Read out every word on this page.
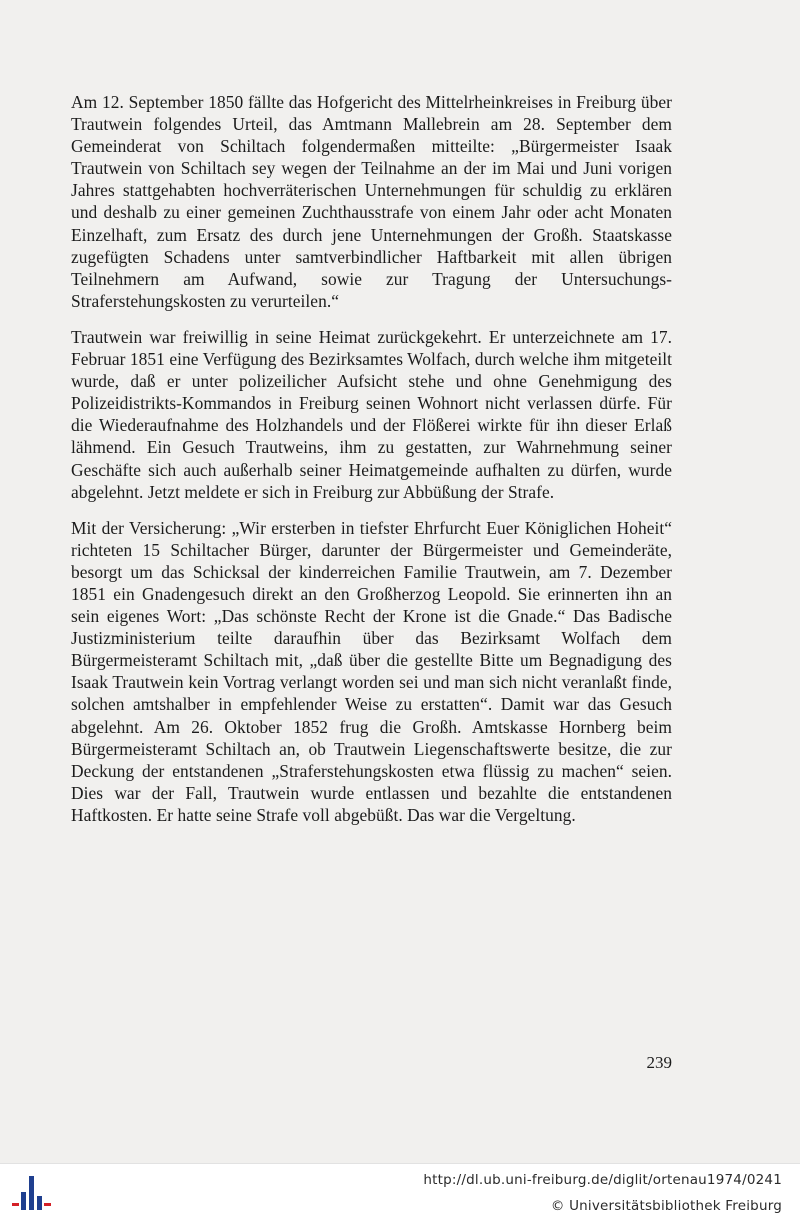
Am 12. September 1850 fällte das Hofgericht des Mittelrheinkreises in Freiburg über Trautwein folgendes Urteil, das Amtmann Mallebrein am 28. September dem Gemeinderat von Schiltach folgendermaßen mitteilte: „Bürgermeister Isaak Trautwein von Schiltach sey wegen der Teilnahme an der im Mai und Juni vorigen Jahres stattgehabten hochverräterischen Unternehmungen für schuldig zu erklären und deshalb zu einer gemeinen Zuchthausstrafe von einem Jahr oder acht Monaten Einzelhaft, zum Ersatz des durch jene Unternehmungen der Großh. Staatskasse zugefügten Schadens unter samtverbindlicher Haftbarkeit mit allen übrigen Teilnehmern am Aufwand, sowie zur Tragung der Untersuchungs-Straferstehungskosten zu verurteilen.“

Trautwein war freiwillig in seine Heimat zurückgekehrt. Er unterzeichnete am 17. Februar 1851 eine Verfügung des Bezirksamtes Wolfach, durch welche ihm mitgeteilt wurde, daß er unter polizeilicher Aufsicht stehe und ohne Genehmigung des Polizeidistrikts-Kommandos in Freiburg seinen Wohnort nicht verlassen dürfe. Für die Wiederaufnahme des Holzhandels und der Flößerei wirkte für ihn dieser Erlaß lähmend. Ein Gesuch Trautweins, ihm zu gestatten, zur Wahrnehmung seiner Geschäfte sich auch außerhalb seiner Heimatgemeinde aufhalten zu dürfen, wurde abgelehnt. Jetzt meldete er sich in Freiburg zur Abbüßung der Strafe.

Mit der Versicherung: „Wir ersterben in tiefster Ehrfurcht Euer Königlichen Hoheit“ richteten 15 Schiltacher Bürger, darunter der Bürgermeister und Gemeinderäte, besorgt um das Schicksal der kinderreichen Familie Trautwein, am 7. Dezember 1851 ein Gnadengesuch direkt an den Großherzog Leopold. Sie erinnerten ihn an sein eigenes Wort: „Das schönste Recht der Krone ist die Gnade.“ Das Badische Justizministerium teilte daraufhin über das Bezirksamt Wolfach dem Bürgermeisteramt Schiltach mit, „daß über die gestellte Bitte um Begnadigung des Isaak Trautwein kein Vortrag verlangt worden sei und man sich nicht veranlaßt finde, solchen amtshalber in empfehlender Weise zu erstatten“. Damit war das Gesuch abgelehnt. Am 26. Oktober 1852 frug die Großh. Amtskasse Hornberg beim Bürgermeisteramt Schiltach an, ob Trautwein Liegenschaftswerte besitze, die zur Deckung der entstandenen „Straferstehungskosten etwa flüssig zu machen“ seien. Dies war der Fall, Trautwein wurde entlassen und bezahlte die entstandenen Haftkosten. Er hatte seine Strafe voll abgebüßt. Das war die Vergeltung.

239
http://dl.ub.uni-freiburg.de/diglit/ortenau1974/0241
© Universitätsbibliothek Freiburg
